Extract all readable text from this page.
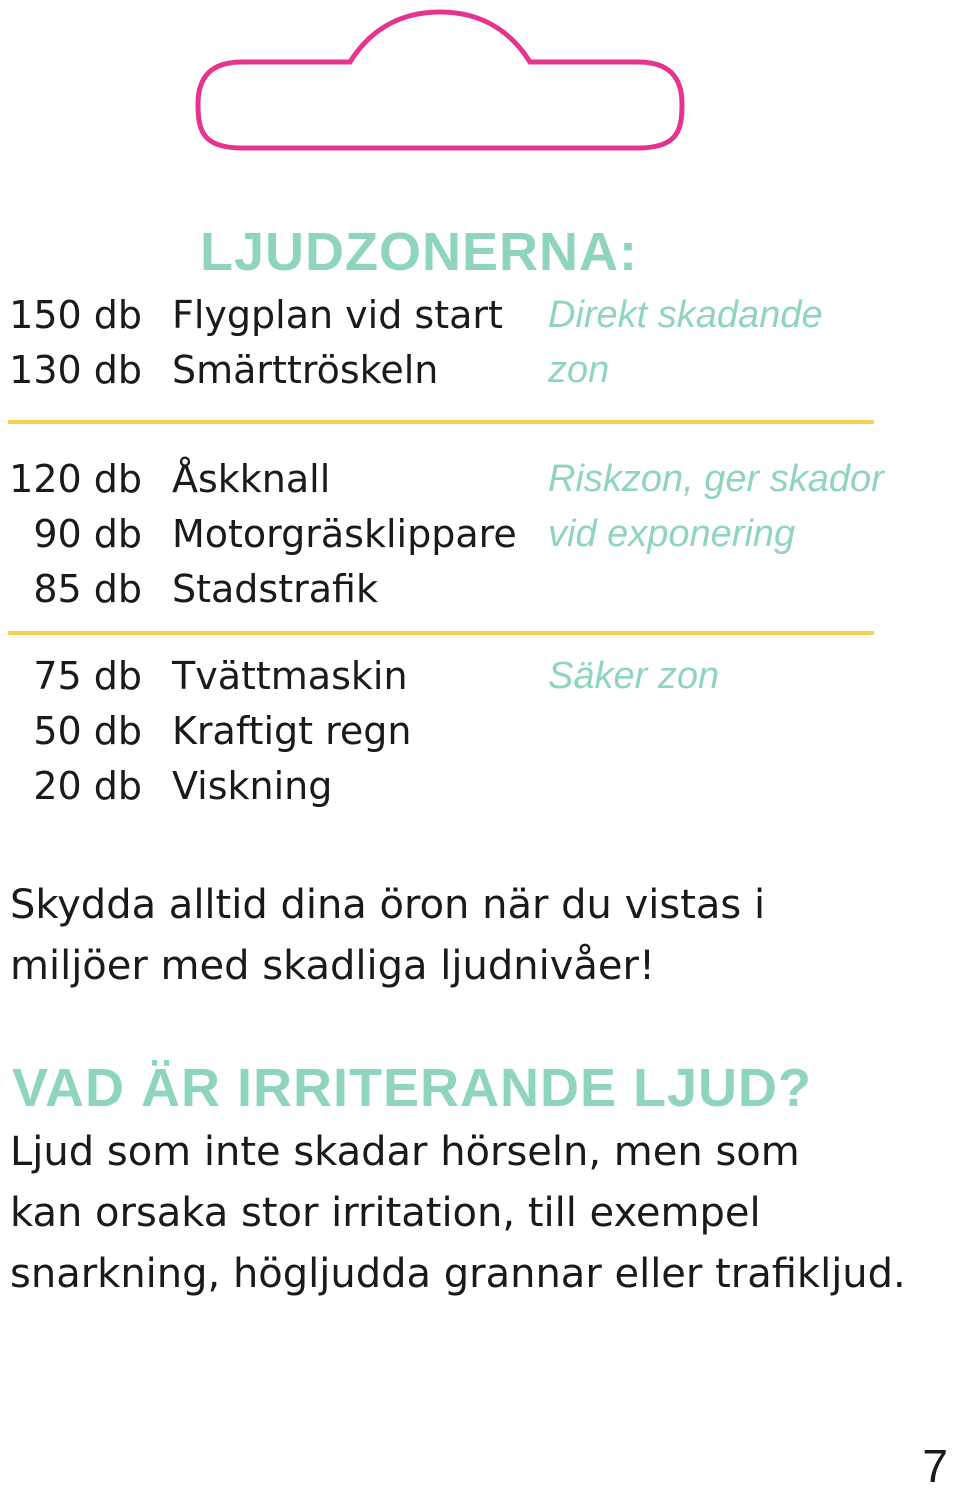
LJUDZONERNA:
150 db Flygplan vid start
130 db Smärttröskeln
Direkt skadande
zon
120 db Åskknall
90 db Motorgräsklippare
85 db Stadstrafik
Riskzon, ger skador
vid exponering
75 db Tvättmaskin
50 db Kraftigt regn
20 db Viskning
Säker zon
Skydda alltid dina öron när du vistas i
miljöer med skadliga ljudnivåer!
VAD ÄR IRRITERANDE LJUD?
Ljud som inte skadar hörseln, men som
kan orsaka stor irritation, till exempel
snarkning, högljudda grannar eller trafikljud.
7
